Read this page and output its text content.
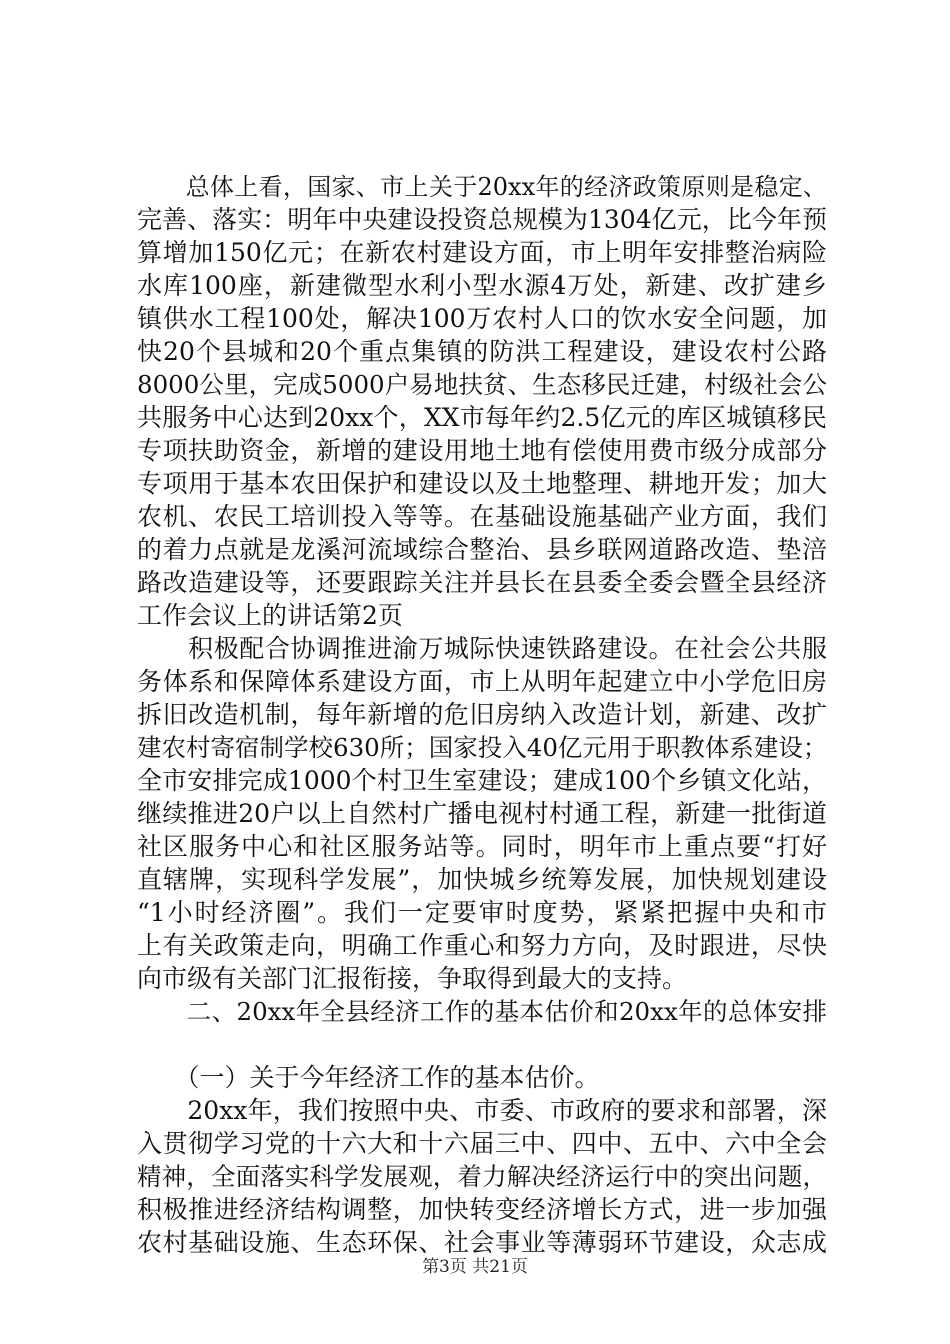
　　总体上看，国家、市上关于20xx年的经济政策原则是稳定、
完善、落实：明年中央建设投资总规模为1304亿元，比今年预
算增加150亿元；在新农村建设方面，市上明年安排整治病险
水库100座，新建微型水利小型水源4万处，新建、改扩建乡
镇供水工程100处，解决100万农村人口的饮水安全问题，加
快20个县城和20个重点集镇的防洪工程建设，建设农村公路
8000公里，完成5000户易地扶贫、生态移民迁建，村级社会公
共服务中心达到20xx个，XX市每年约2.5亿元的库区城镇移民
专项扶助资金，新增的建设用地土地有偿使用费市级分成部分
专项用于基本农田保护和建设以及土地整理、耕地开发；加大
农机、农民工培训投入等等。在基础设施基础产业方面，我们
的着力点就是龙溪河流域综合整治、县乡联网道路改造、垫涪
路改造建设等，还要跟踪关注并县长在县委全委会暨全县经济
工作会议上的讲话第2页
　　积极配合协调推进渝万城际快速铁路建设。在社会公共服
务体系和保障体系建设方面，市上从明年起建立中小学危旧房
拆旧改造机制，每年新增的危旧房纳入改造计划，新建、改扩
建农村寄宿制学校630所；国家投入40亿元用于职教体系建设；
全市安排完成1000个村卫生室建设；建成100个乡镇文化站，
继续推进20户以上自然村广播电视村村通工程，新建一批街道
社区服务中心和社区服务站等。同时，明年市上重点要“打好
直辖牌，实现科学发展”，加快城乡统筹发展，加快规划建设
“1小时经济圈”。我们一定要审时度势，紧紧把握中央和市
上有关政策走向，明确工作重心和努力方向，及时跟进，尽快
向市级有关部门汇报衔接，争取得到最大的支持。
　　二、20xx年全县经济工作的基本估价和20xx年的总体安排
　　（一）关于今年经济工作的基本估价。
　　20xx年，我们按照中央、市委、市政府的要求和部署，深
入贯彻学习党的十六大和十六届三中、四中、五中、六中全会
精神，全面落实科学发展观，着力解决经济运行中的突出问题，
积极推进经济结构调整，加快转变经济增长方式，进一步加强
农村基础设施、生态环保、社会事业等薄弱环节建设，众志成
第3页 共21页
